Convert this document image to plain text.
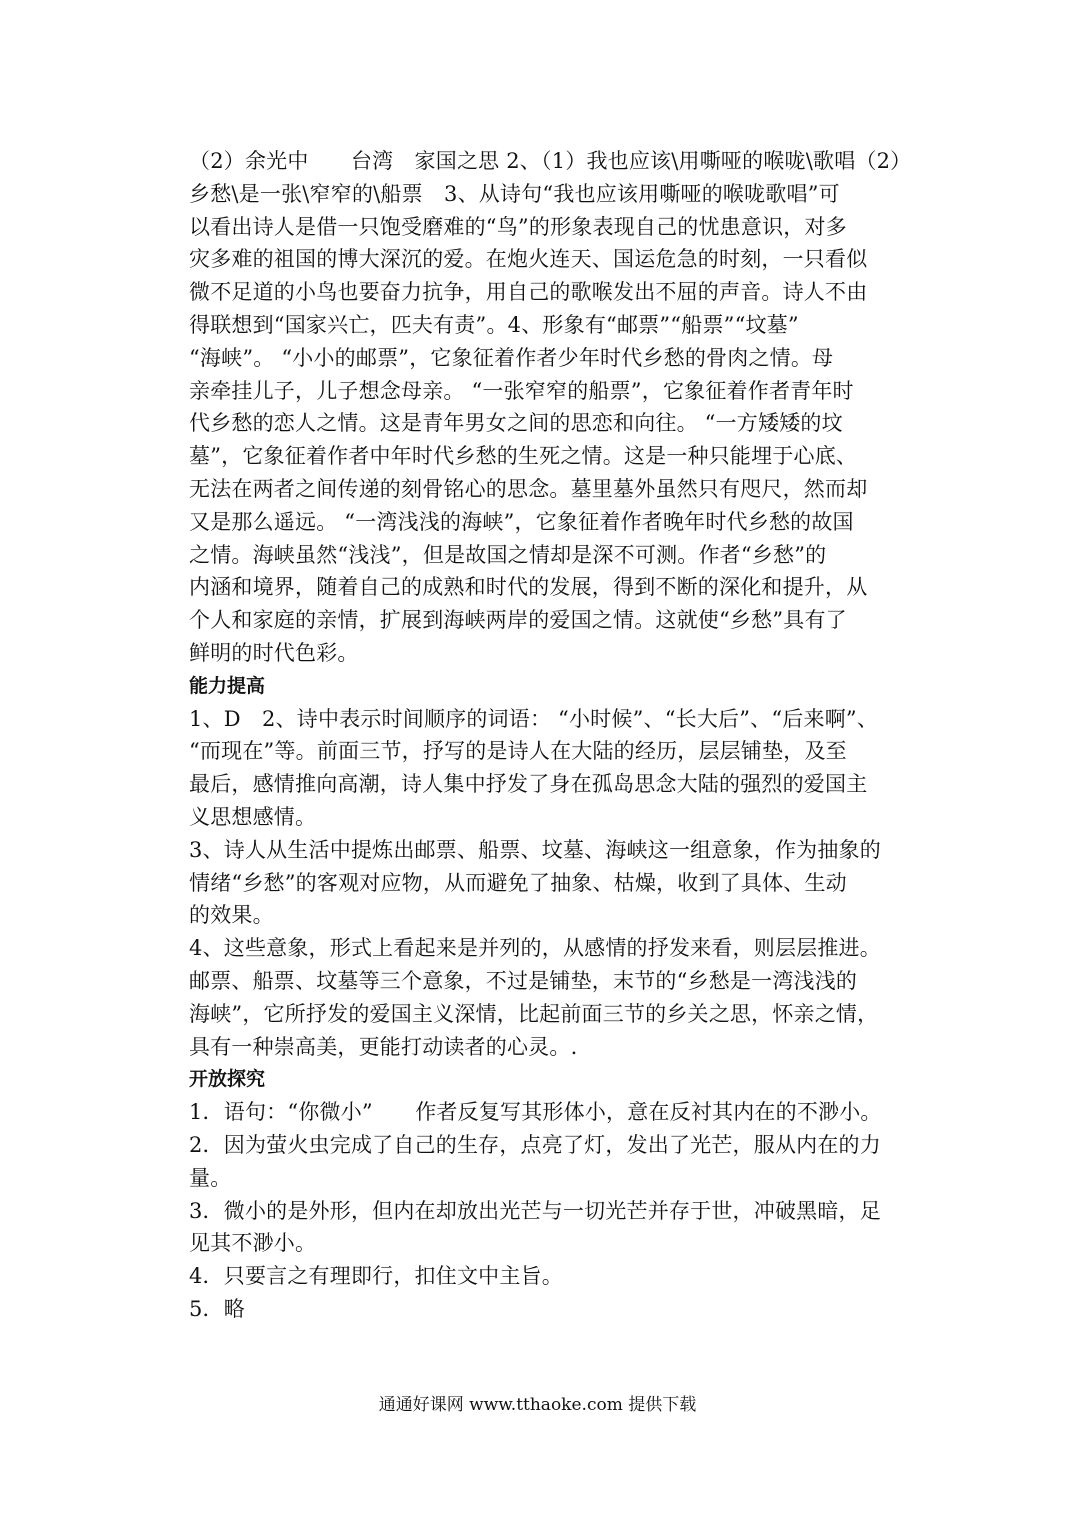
（2）余光中　　台湾　家国之思 2、（1）我也应该\用嘶哑的喉咙\歌唱（2）
乡愁\是一张\窄窄的\船票　3、从诗句“我也应该用嘶哑的喉咙歌唱”可
以看出诗人是借一只饱受磨难的“鸟”的形象表现自己的忧患意识，对多
灾多难的祖国的博大深沉的爱。在炮火连天、国运危急的时刻，一只看似
微不足道的小鸟也要奋力抗争，用自己的歌喉发出不屈的声音。诗人不由
得联想到“国家兴亡，匹夫有责”。4、形象有“邮票”“船票”“坟墓”
“海峡”。 “小小的邮票”，它象征着作者少年时代乡愁的骨肉之情。母
亲牵挂儿子，儿子想念母亲。 “一张窄窄的船票”，它象征着作者青年时
代乡愁的恋人之情。这是青年男女之间的思恋和向往。 “一方矮矮的坟
墓”，它象征着作者中年时代乡愁的生死之情。这是一种只能埋于心底、
无法在两者之间传递的刻骨铭心的思念。墓里墓外虽然只有咫尺，然而却
又是那么遥远。 “一湾浅浅的海峡”，它象征着作者晚年时代乡愁的故国
之情。海峡虽然“浅浅”，但是故国之情却是深不可测。作者“乡愁”的
内涵和境界，随着自己的成熟和时代的发展，得到不断的深化和提升，从
个人和家庭的亲情，扩展到海峡两岸的爱国之情。这就使“乡愁”具有了
鲜明的时代色彩。
能力提高
1、D　2、诗中表示时间顺序的词语： “小时候”、“长大后”、“后来啊”、
“而现在”等。前面三节，抒写的是诗人在大陆的经历，层层铺垫，及至
最后，感情推向高潮，诗人集中抒发了身在孤岛思念大陆的强烈的爱国主
义思想感情。
3、诗人从生活中提炼出邮票、船票、坟墓、海峡这一组意象，作为抽象的
情绪“乡愁”的客观对应物，从而避免了抽象、枯燥，收到了具体、生动
的效果。
4、这些意象，形式上看起来是并列的，从感情的抒发来看，则层层推进。
邮票、船票、坟墓等三个意象，不过是铺垫，末节的“乡愁是一湾浅浅的
海峡”，它所抒发的爱国主义深情，比起前面三节的乡关之思，怀亲之情，
具有一种崇高美，更能打动读者的心灵。.
开放探究
1．语句：“你微小”　　作者反复写其形体小，意在反衬其内在的不渺小。
2．因为萤火虫完成了自己的生存，点亮了灯，发出了光芒，服从内在的力
量。
3．微小的是外形，但内在却放出光芒与一切光芒并存于世，冲破黑暗，足
见其不渺小。
4．只要言之有理即行，扣住文中主旨。
5．略
通通好课网 www.tthaoke.com 提供下载
